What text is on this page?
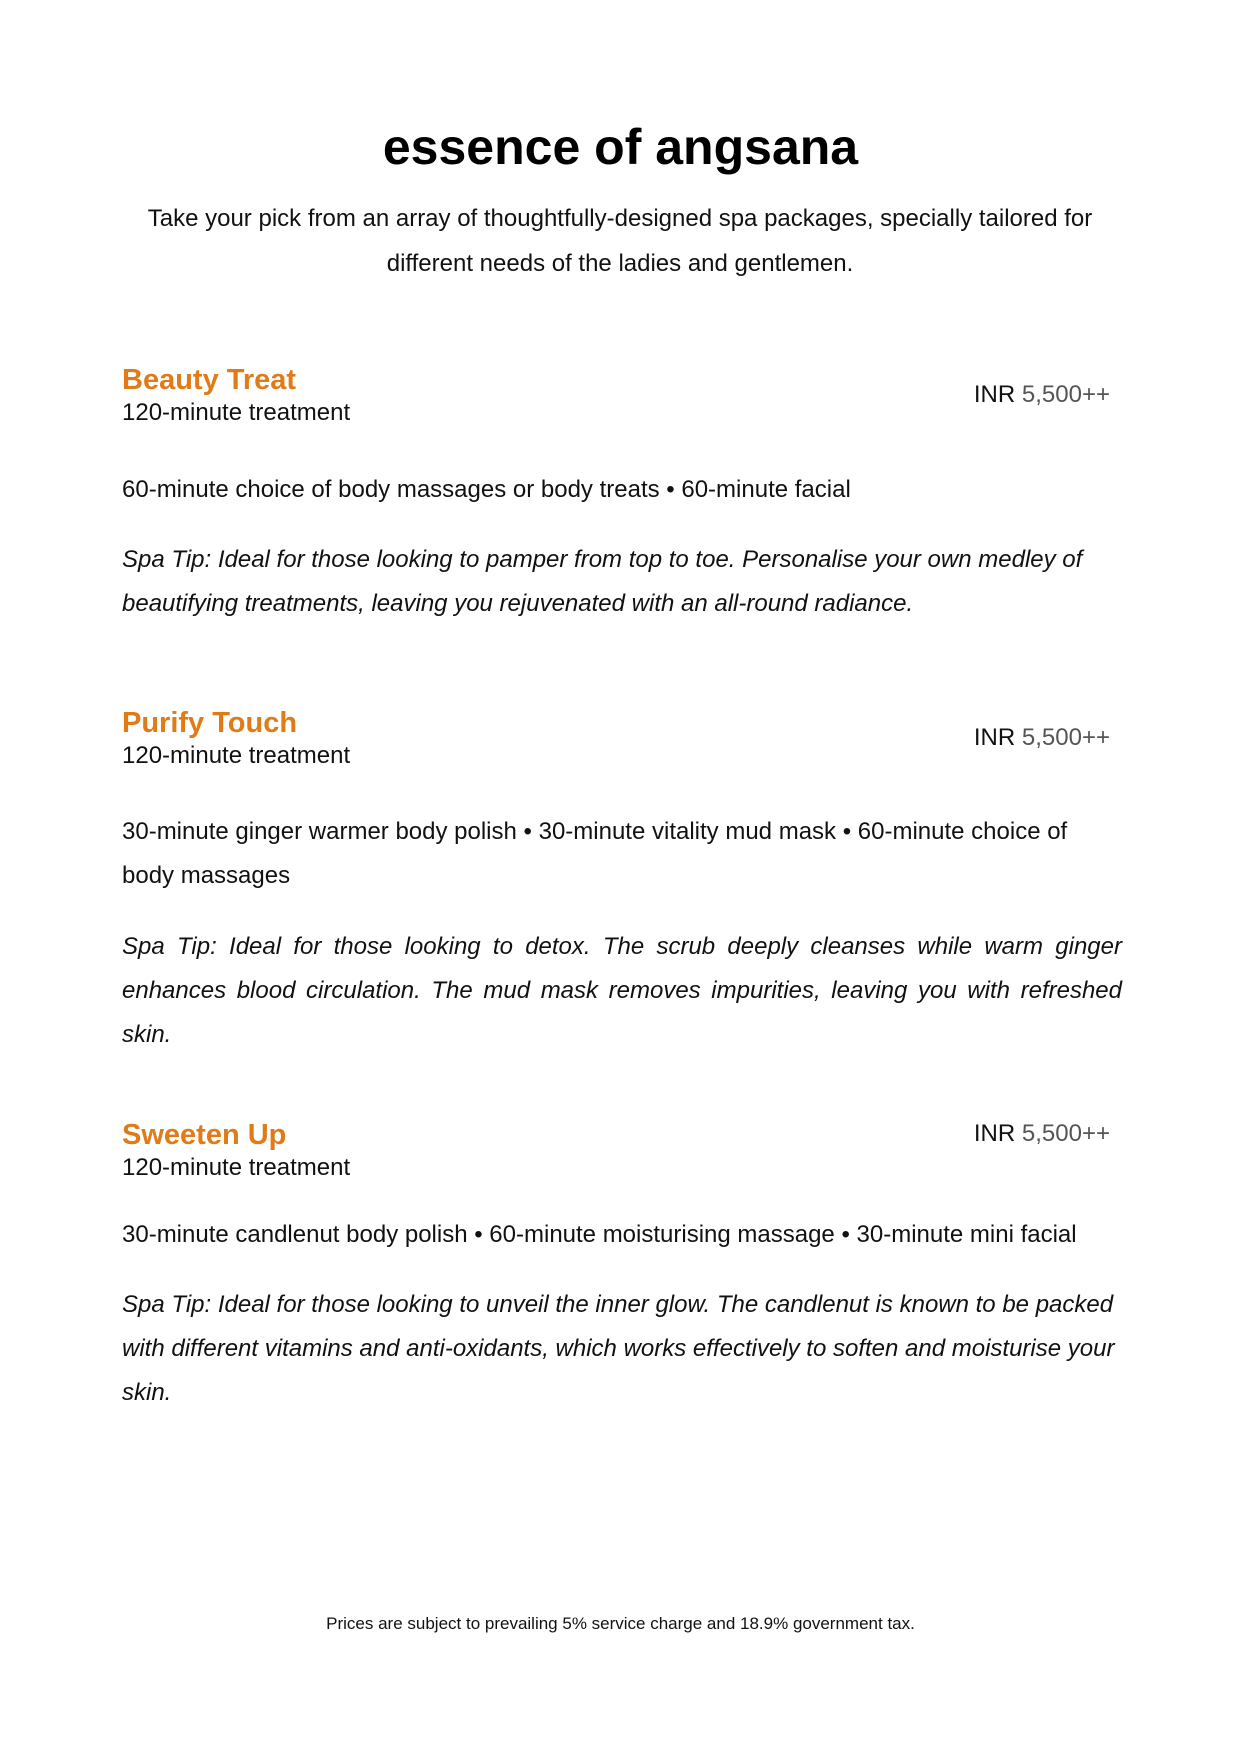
essence of angsana
Take your pick from an array of thoughtfully-designed spa packages, specially tailored for different needs of the ladies and gentlemen.
Beauty Treat
120-minute treatment
INR 5,500++
60-minute choice of body massages or body treats • 60-minute facial
Spa Tip: Ideal for those looking to pamper from top to toe. Personalise your own medley of beautifying treatments, leaving you rejuvenated with an all-round radiance.
Purify Touch
120-minute treatment
INR 5,500++
30-minute ginger warmer body polish • 30-minute vitality mud mask • 60-minute choice of body massages
Spa Tip: Ideal for those looking to detox. The scrub deeply cleanses while warm ginger enhances blood circulation. The mud mask removes impurities, leaving you with refreshed skin.
Sweeten Up
120-minute treatment
INR 5,500++
30-minute candlenut body polish • 60-minute moisturising massage • 30-minute mini facial
Spa Tip: Ideal for those looking to unveil the inner glow. The candlenut is known to be packed with different vitamins and anti-oxidants, which works effectively to soften and moisturise your skin.
Prices are subject to prevailing 5% service charge and 18.9% government tax.
